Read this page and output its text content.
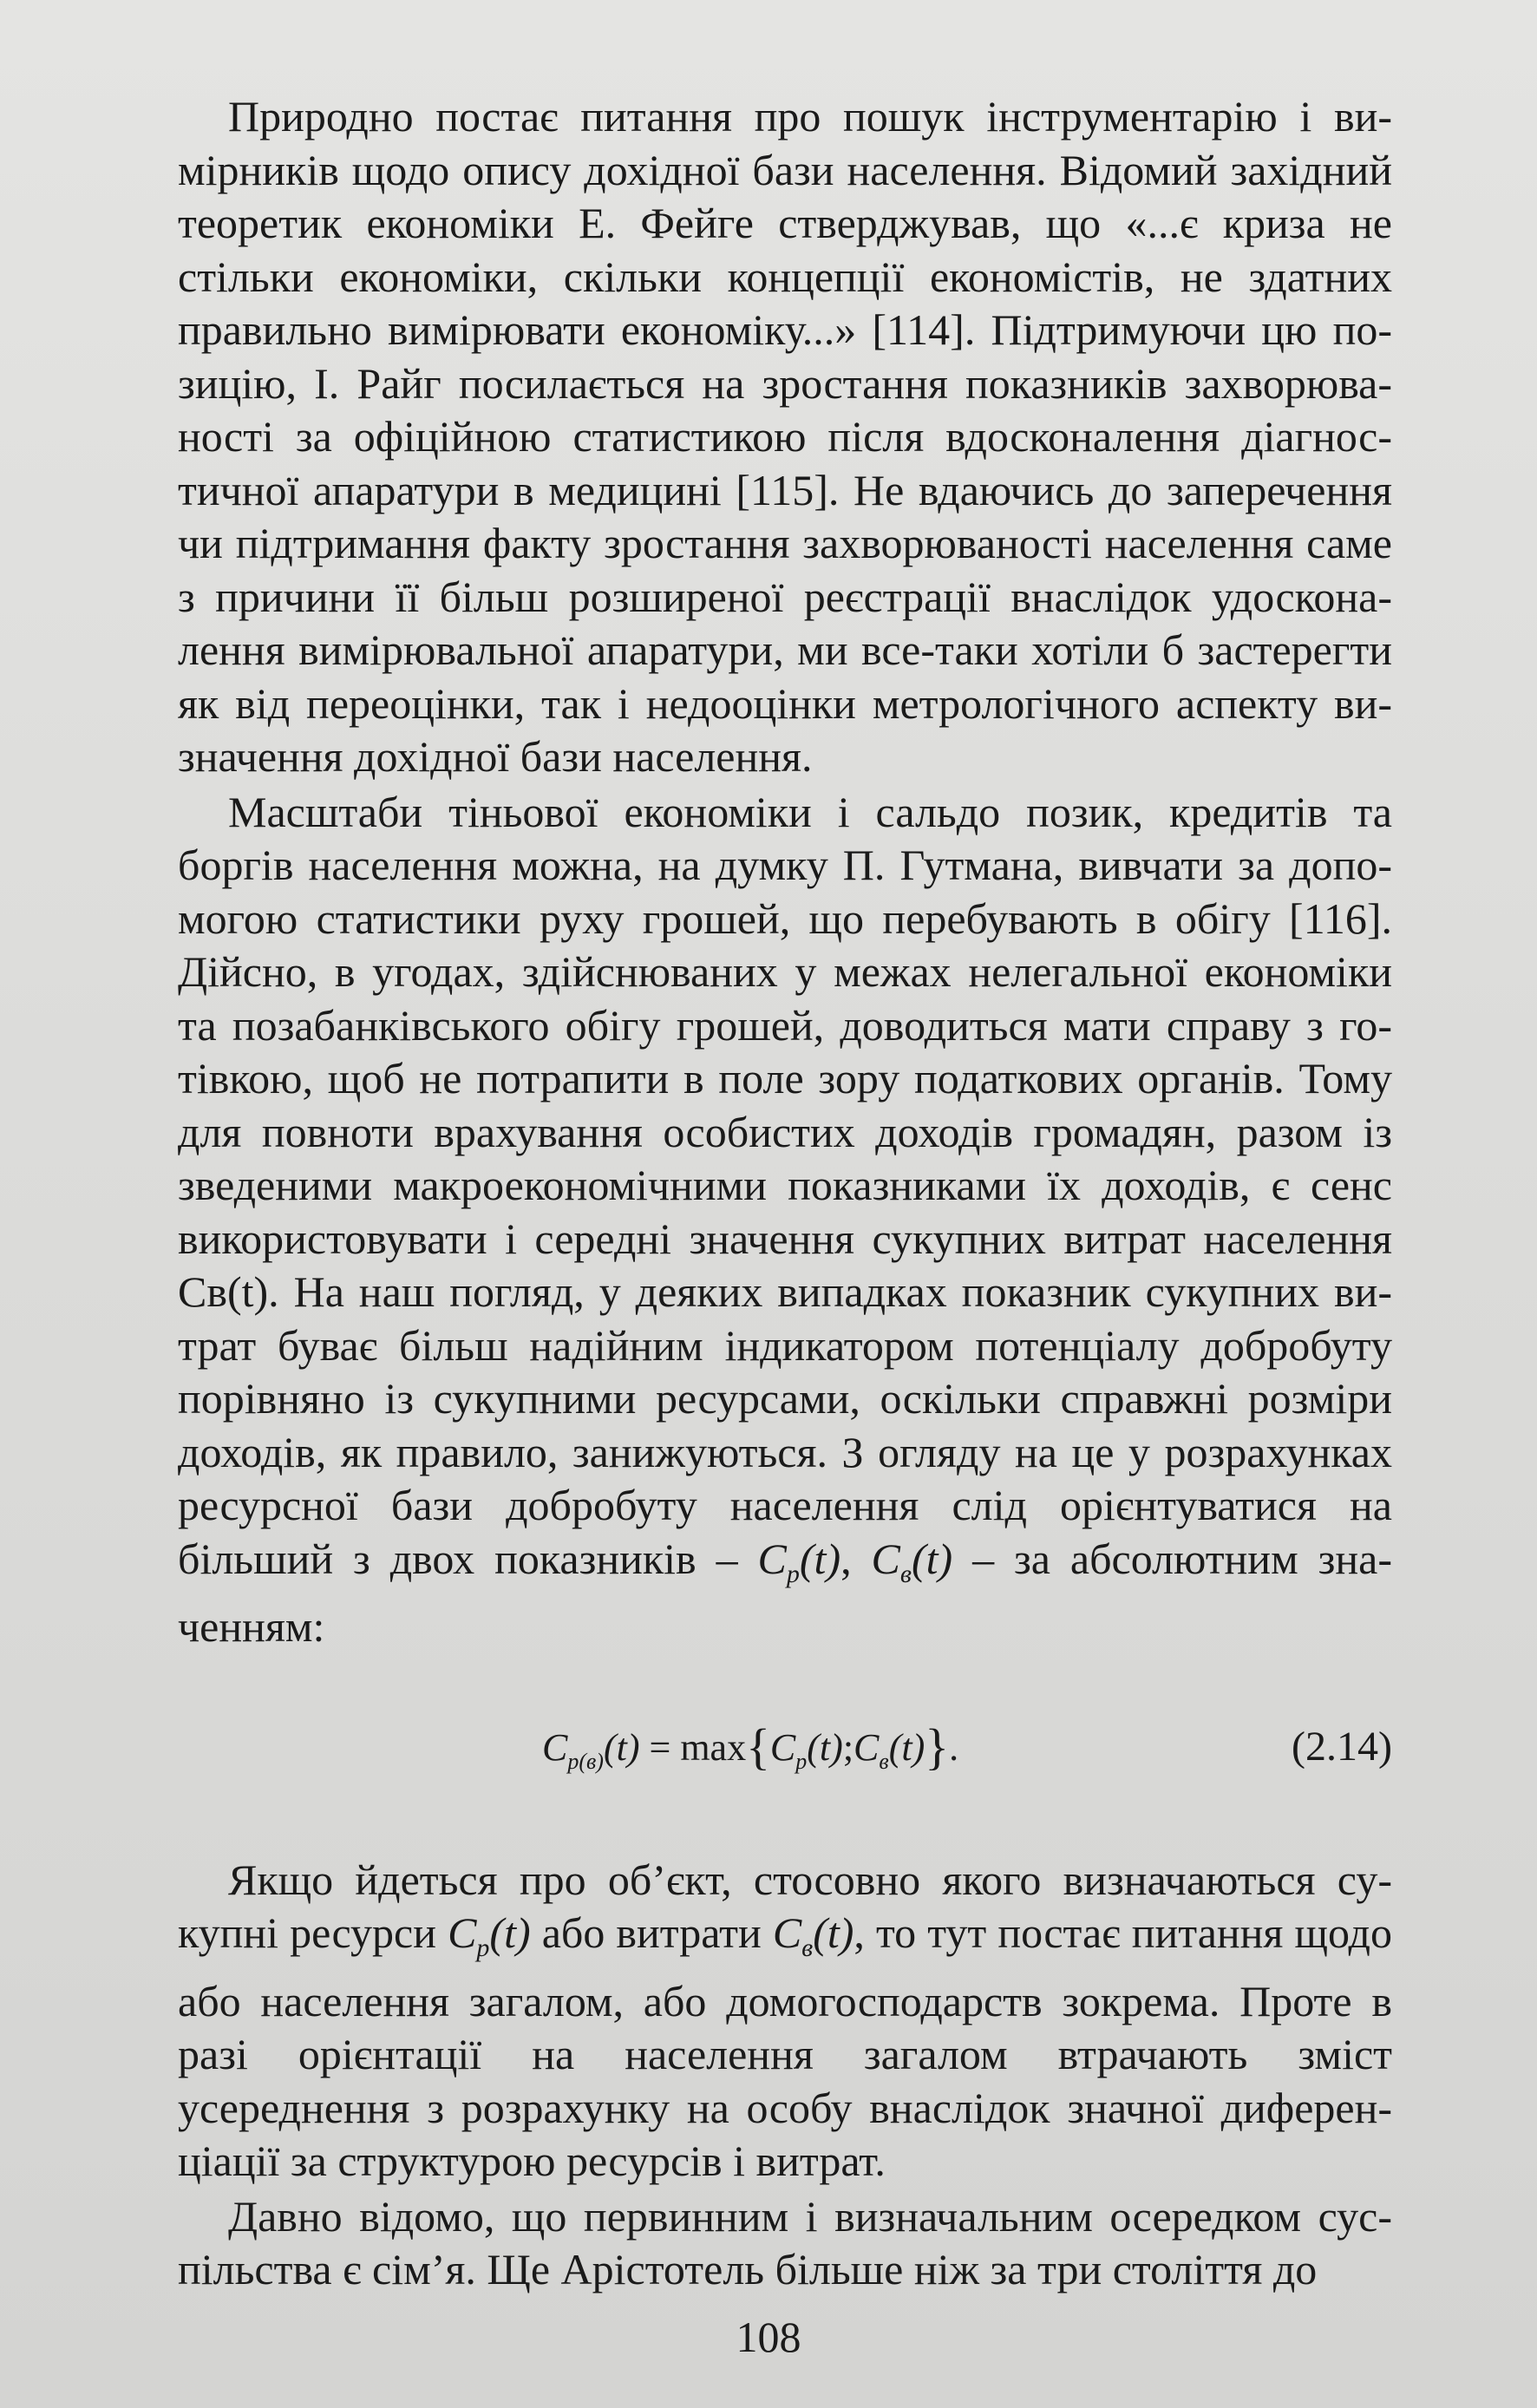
Природно постає питання про пошук інструментарію і вимірників щодо опису дохідної бази населення. Відомий західний теоретик економіки Е. Фейге стверджував, що «...є криза не стільки економіки, скільки концепції економістів, не здатних правильно вимірювати економіку...» [114]. Підтримуючи цю позицію, І. Райг посилається на зростання показників захворюваності за офіційною статистикою після вдосконалення діагностичної апаратури в медицині [115]. Не вдаючись до заперечення чи підтримання факту зростання захворюваності населення саме з причини її більш розширеної реєстрації внаслідок удосконалення вимірювальної апаратури, ми все-таки хотіли б застерегти як від переоцінки, так і недооцінки метрологічного аспекту визначення дохідної бази населення.

Масштаби тіньової економіки і сальдо позик, кредитів та боргів населення можна, на думку П. Гутмана, вивчати за допомогою статистики руху грошей, що перебувають в обігу [116]. Дійсно, в угодах, здійснюваних у межах нелегальної економіки та позабанківського обігу грошей, доводиться мати справу з готівкою, щоб не потрапити в поле зору податкових органів. Тому для повноти врахування особистих доходів громадян, разом із зведеними макроекономічними показниками їх доходів, є сенс використовувати і середні значення сукупних витрат населення Св(t). На наш погляд, у деяких випадках показник сукупних витрат буває більш надійним індикатором потенціалу добробуту порівняно із сукупними ресурсами, оскільки справжні розміри доходів, як правило, занижуються. З огляду на це у розрахунках ресурсної бази добробуту населення слід орієнтуватися на більший з двох показників – $C_p(t)$, $C_в(t)$ – за абсолютним значенням:

$C_{p(в)}(t)$ = $\max\{C_p(t);C_в(t)\}$.	(2.14)

Якщо йдеться про об’єкт, стосовно якого визначаються сукупні ресурси $C_p(t)$ або витрати $C_в(t)$, то тут постає питання щодо або населення загалом, або домогосподарств зокрема. Проте в разі орієнтації на населення загалом втрачають зміст усереднення з розрахунку на особу внаслідок значної диференціації за структурою ресурсів і витрат.

Давно відомо, що первинним і визначальним осередком суспільства є сім’я. Ще Арістотель більше ніж за три століття до

108
